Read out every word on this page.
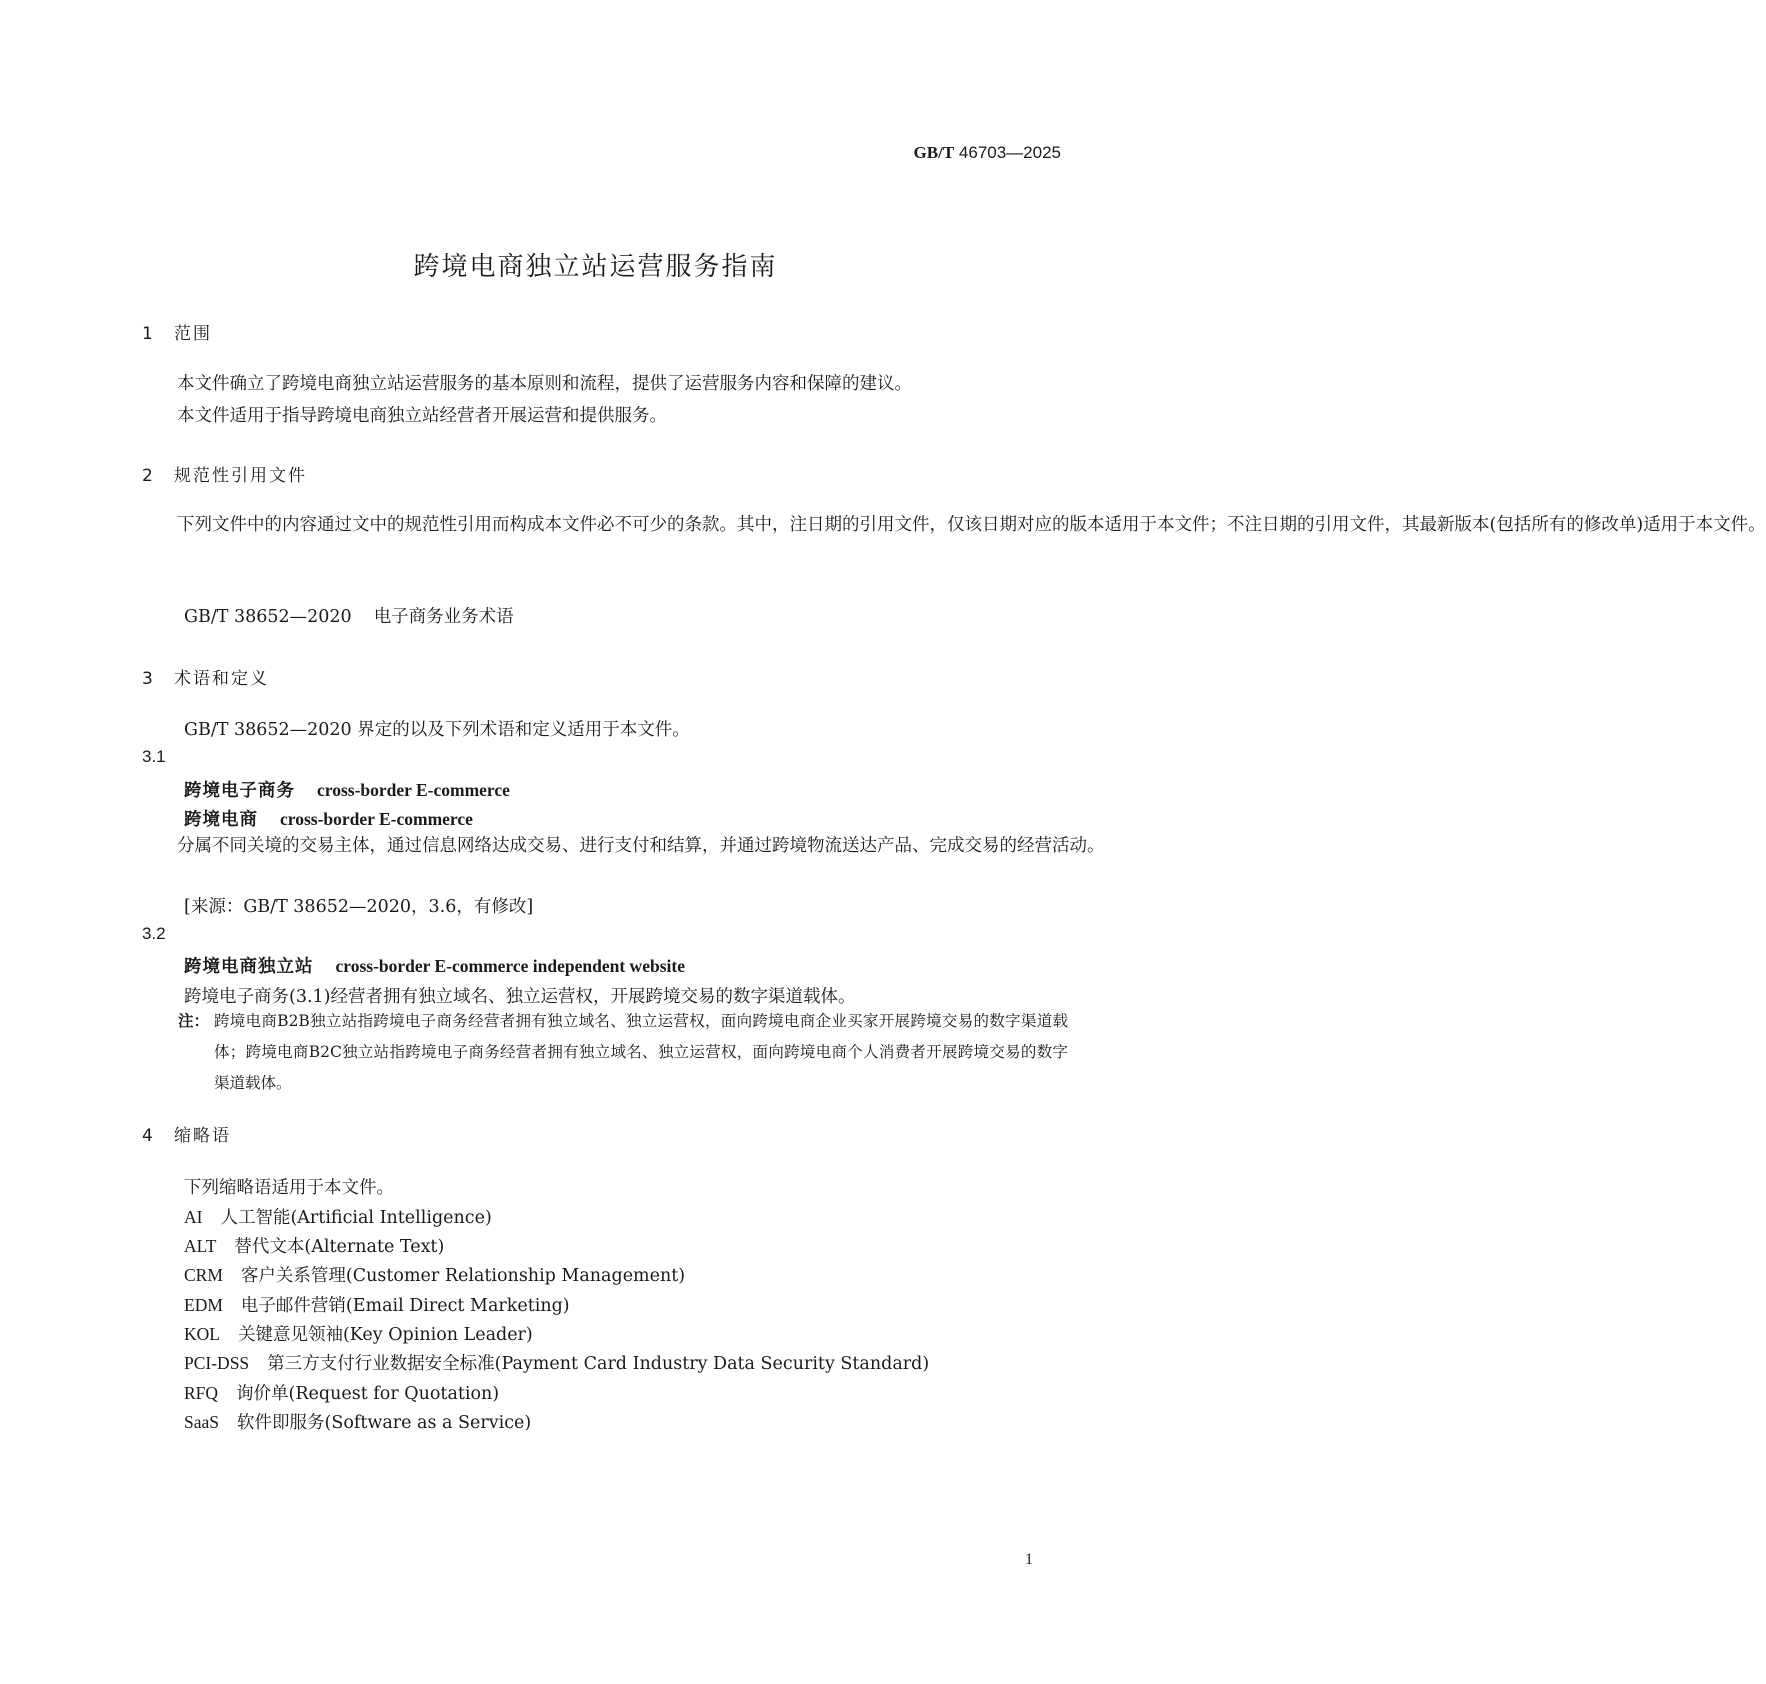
GB/T 46703—2025
跨境电商独立站运营服务指南
1 范围

本文件确立了跨境电商独立站运营服务的基本原则和流程，提供了运营服务内容和保障的建议。

本文件适用于指导跨境电商独立站经营者开展运营和提供服务。

2 规范性引用文件

下列文件中的内容通过文中的规范性引用而构成本文件必不可少的条款。其中，注日期的引用文件，仅该日期对应的版本适用于本文件；不注日期的引用文件，其最新版本(包括所有的修改单)适用于本文件。

GB/T 38652—2020 电子商务业务术语
3 术语和定义
GB/T 38652—2020 界定的以及下列术语和定义适用于本文件。
3.1
跨境电子商务 cross-border E-commerce
跨境电商 cross-border E-commerce

分属不同关境的交易主体，通过信息网络达成交易、进行支付和结算，并通过跨境物流送达产品、完成交易的经营活动。

[来源：GB/T 38652—2020，3.6，有修改]
3.2
跨境电商独立站 cross-border E-commerce independent website
跨境电子商务(3.1)经营者拥有独立域名、独立运营权，开展跨境交易的数字渠道载体。
注： 跨境电商B2B独立站指跨境电子商务经营者拥有独立域名、独立运营权，面向跨境电商企业买家开展跨境交易的数字渠道载体；跨境电商B2C独立站指跨境电子商务经营者拥有独立域名、独立运营权，面向跨境电商个人消费者开展跨境交易的数字渠道载体。
4 缩略语
下列缩略语适用于本文件。
AI 人工智能(Artificial Intelligence)
ALT 替代文本(Alternate Text)
CRM 客户关系管理(Customer Relationship Management)
EDM 电子邮件营销(Email Direct Marketing)
KOL 关键意见领袖(Key Opinion Leader)
PCI-DSS 第三方支付行业数据安全标准(Payment Card Industry Data Security Standard)
RFQ 询价单(Request for Quotation)
SaaS 软件即服务(Software as a Service)
1
